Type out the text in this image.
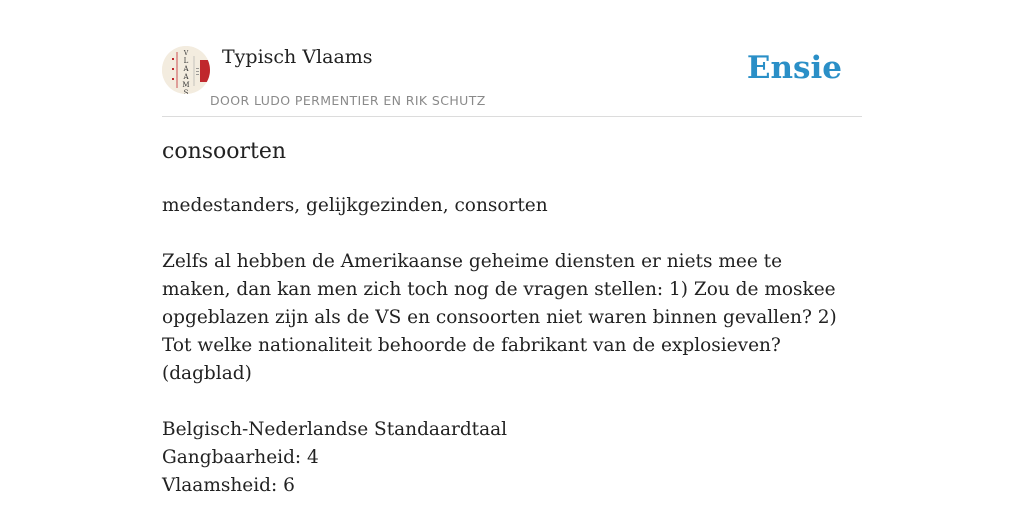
V
L
A
A
M
S
Typisch Vlaams
DOOR LUDO PERMENTIER EN RIK SCHUTZ
Ensie
consoorten

medestanders, gelijkgezinden, consorten

Zelfs al hebben de Amerikaanse geheime diensten er niets mee te maken, dan kan men zich toch nog de vragen stellen: 1) Zou de moskee opgeblazen zijn als de VS en consoorten niet waren binnen gevallen? 2) Tot welke nationaliteit behoorde de fabrikant van de explosieven?

(dagblad)

Belgisch-Nederlandse Standaardtaal

Gangbaarheid: 4

Vlaamsheid: 6
